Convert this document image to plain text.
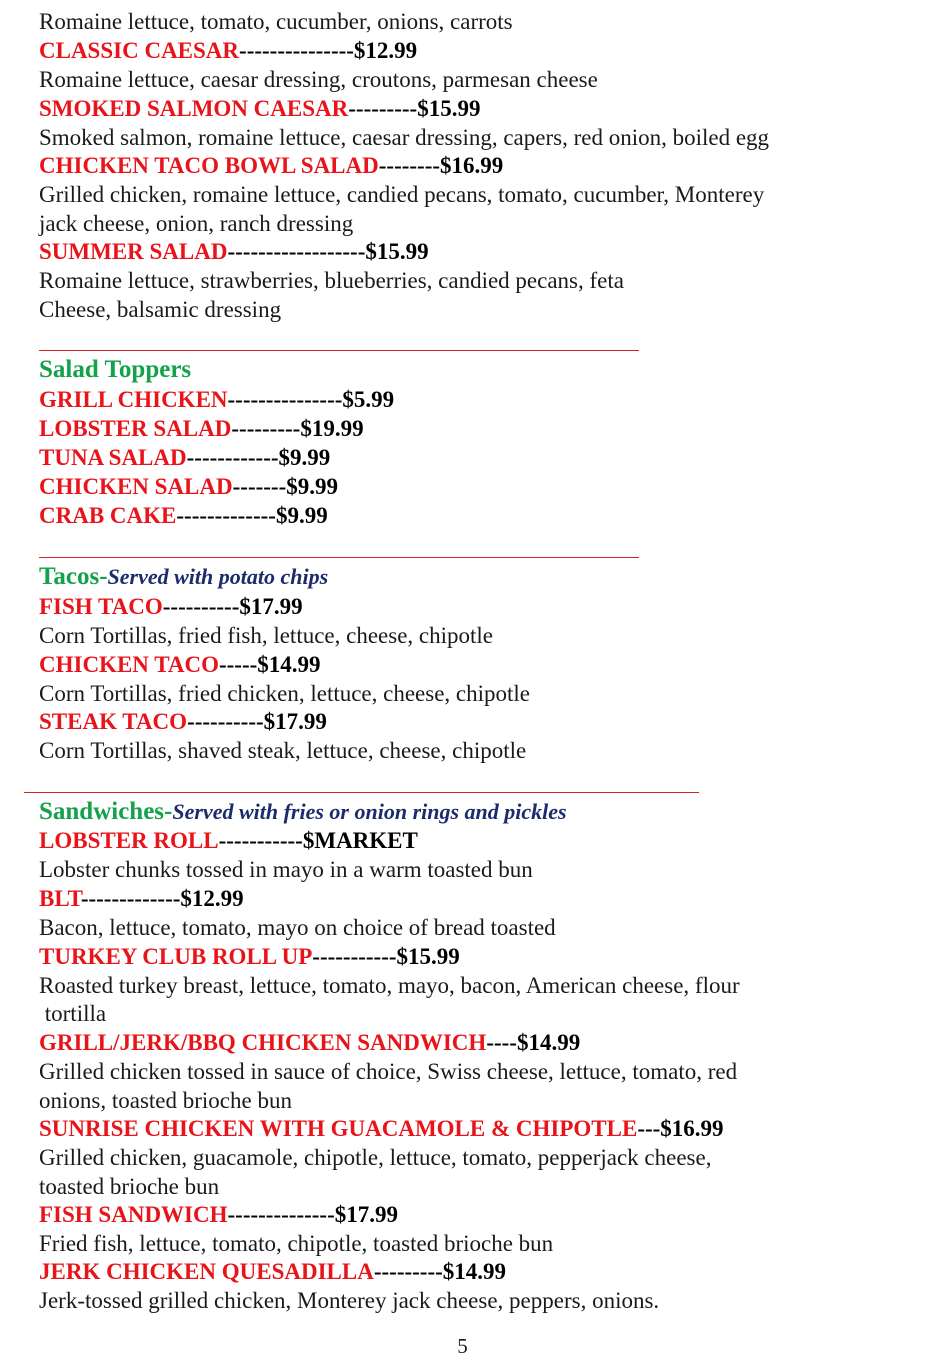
Romaine lettuce, tomato, cucumber, onions, carrots
CLASSIC CAESAR---------------$12.99
Romaine lettuce, caesar dressing, croutons, parmesan cheese
SMOKED SALMON CAESAR---------$15.99
Smoked salmon, romaine lettuce, caesar dressing, capers, red onion, boiled egg
CHICKEN TACO BOWL SALAD--------$16.99
Grilled chicken, romaine lettuce, candied pecans, tomato, cucumber, Monterey
jack cheese, onion, ranch dressing
SUMMER SALAD------------------$15.99
Romaine lettuce, strawberries, blueberries, candied pecans, feta
Cheese, balsamic dressing
Salad Toppers
GRILL CHICKEN---------------$5.99
LOBSTER SALAD---------$19.99
TUNA SALAD------------$9.99
CHICKEN SALAD-------$9.99
CRAB CAKE-------------$9.99
Tacos-Served with potato chips
FISH TACO----------$17.99
Corn Tortillas, fried fish, lettuce, cheese, chipotle
CHICKEN TACO-----$14.99
Corn Tortillas, fried chicken, lettuce, cheese, chipotle
STEAK TACO----------$17.99
Corn Tortillas, shaved steak, lettuce, cheese, chipotle
Sandwiches-Served with fries or onion rings and pickles
LOBSTER ROLL-----------$MARKET
Lobster chunks tossed in mayo in a warm toasted bun
BLT-------------$12.99
Bacon, lettuce, tomato, mayo on choice of bread toasted
TURKEY CLUB ROLL UP-----------$15.99
Roasted turkey breast, lettuce, tomato, mayo, bacon, American cheese, flour
tortilla
GRILL/JERK/BBQ CHICKEN SANDWICH----$14.99
Grilled chicken tossed in sauce of choice, Swiss cheese, lettuce, tomato, red
onions, toasted brioche bun
SUNRISE CHICKEN WITH GUACAMOLE & CHIPOTLE---$16.99
Grilled chicken, guacamole, chipotle, lettuce, tomato, pepperjack cheese,
toasted brioche bun
FISH SANDWICH--------------$17.99
Fried fish, lettuce, tomato, chipotle, toasted brioche bun
JERK CHICKEN QUESADILLA---------$14.99
Jerk-tossed grilled chicken, Monterey jack cheese, peppers, onions.
5
